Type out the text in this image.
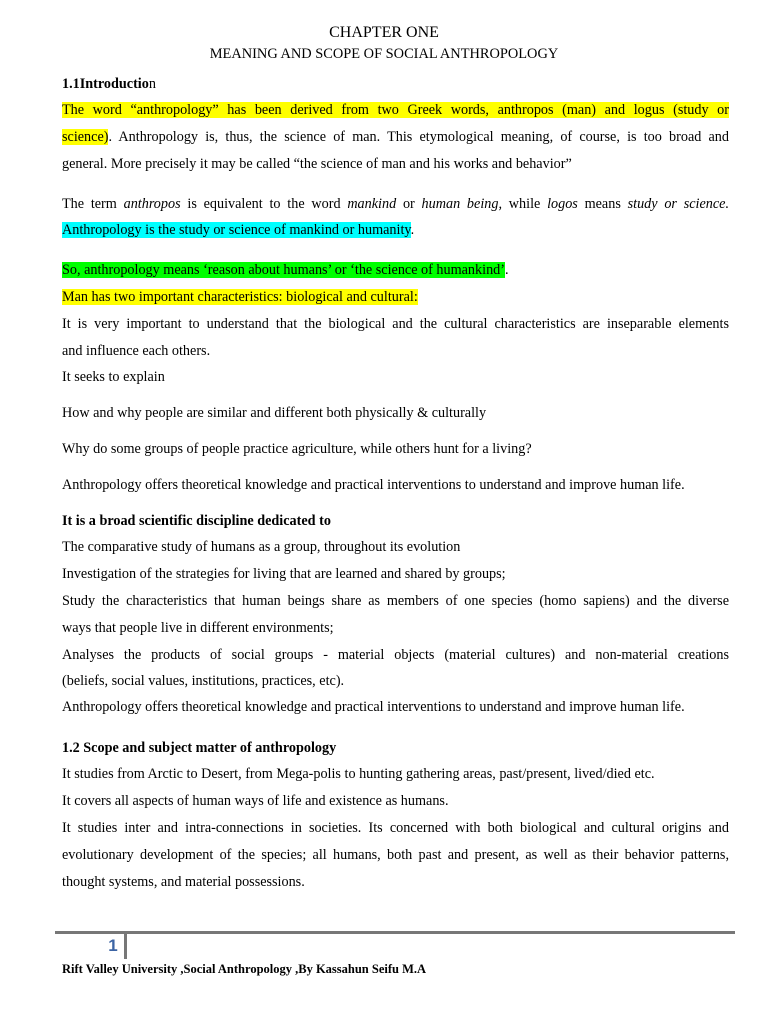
CHAPTER ONE
MEANING AND SCOPE OF SOCIAL ANTHROPOLOGY
1.1Introduction
The word “anthropology” has been derived from two Greek words, anthropos (man) and logus (study or
science). Anthropology is, thus, the science of man. This etymological meaning, of course, is too broad and
general. More precisely it may be called “the science of man and his works and behavior”
The term anthropos is equivalent to the word mankind or human being, while logos means study or science.
Anthropology is the study or science of mankind or humanity.
So, anthropology means ‘reason about humans’ or ‘the science of humankind’.
Man has two important characteristics: biological and cultural:
It is very important to understand that the biological and the cultural characteristics are inseparable elements
and influence each others.
It seeks to explain
How and why people are similar and different both physically & culturally
Why do some groups of people practice agriculture, while others hunt for a living?
Anthropology offers theoretical knowledge and practical interventions to understand and improve human life.
It is a broad scientific discipline dedicated to
The comparative study of humans as a group, throughout its evolution
Investigation of the strategies for living that are learned and shared by groups;
Study the characteristics that human beings share as members of one species (homo sapiens) and the diverse
ways that people live in different environments;
Analyses the products of social groups - material objects (material cultures) and non-material creations
(beliefs, social values, institutions, practices, etc).
Anthropology offers theoretical knowledge and practical interventions to understand and improve human life.
1.2 Scope and subject matter of anthropology
It studies from Arctic to Desert, from Mega-polis to hunting gathering areas, past/present, lived/died etc.
It covers all aspects of human ways of life and existence as humans.
It studies inter and intra-connections in societies. Its concerned with both biological and cultural origins and
evolutionary development of the species; all humans, both past and present, as well as their behavior patterns,
thought systems, and material possessions.
1
Rift Valley University ,Social Anthropology ,By Kassahun Seifu M.A
